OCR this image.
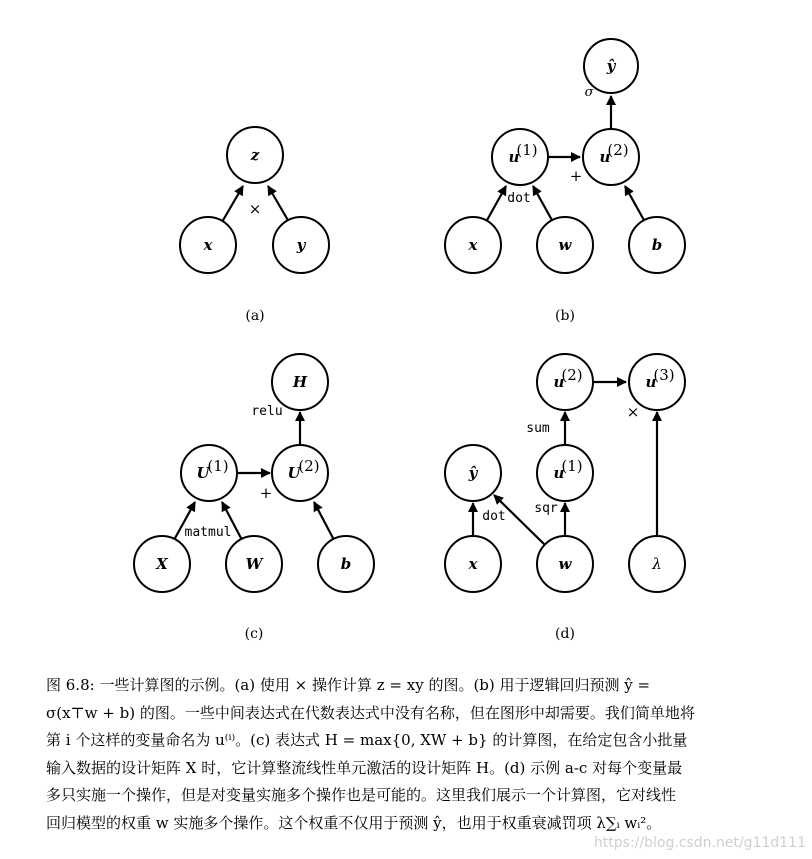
z
x	y
×
(a)
ŷ
u
(1)	u
(2)
x	w	b
σ
dot
+
(b)
H
U
(1)	U
(2)
X	W	b
relu
+
matmul
(c)
u
(2)	u
(3)
ŷ	u
(1)
x	w	λ
sum
×
dot
sqr
(d)

图 6.8: 一些计算图的示例。(a) 使用 × 操作计算 z = xy 的图。(b) 用于逻辑回归预测 ŷ =

σ(x⊤w + b) 的图。一些中间表达式在代数表达式中没有名称，但在图形中却需要。我们简单地将

第 i 个这样的变量命名为 u⁽ⁱ⁾。(c) 表达式 H = max{0, XW + b} 的计算图，在给定包含小批量

输入数据的设计矩阵 X 时，它计算整流线性单元激活的设计矩阵 H。(d) 示例 a-c 对每个变量最

多只实施一个操作，但是对变量实施多个操作也是可能的。这里我们展示一个计算图，它对线性

回归模型的权重 w 实施多个操作。这个权重不仅用于预测 ŷ，也用于权重衰减罚项 λ∑ᵢ wᵢ²。

https://blog.csdn.net/g11d111
